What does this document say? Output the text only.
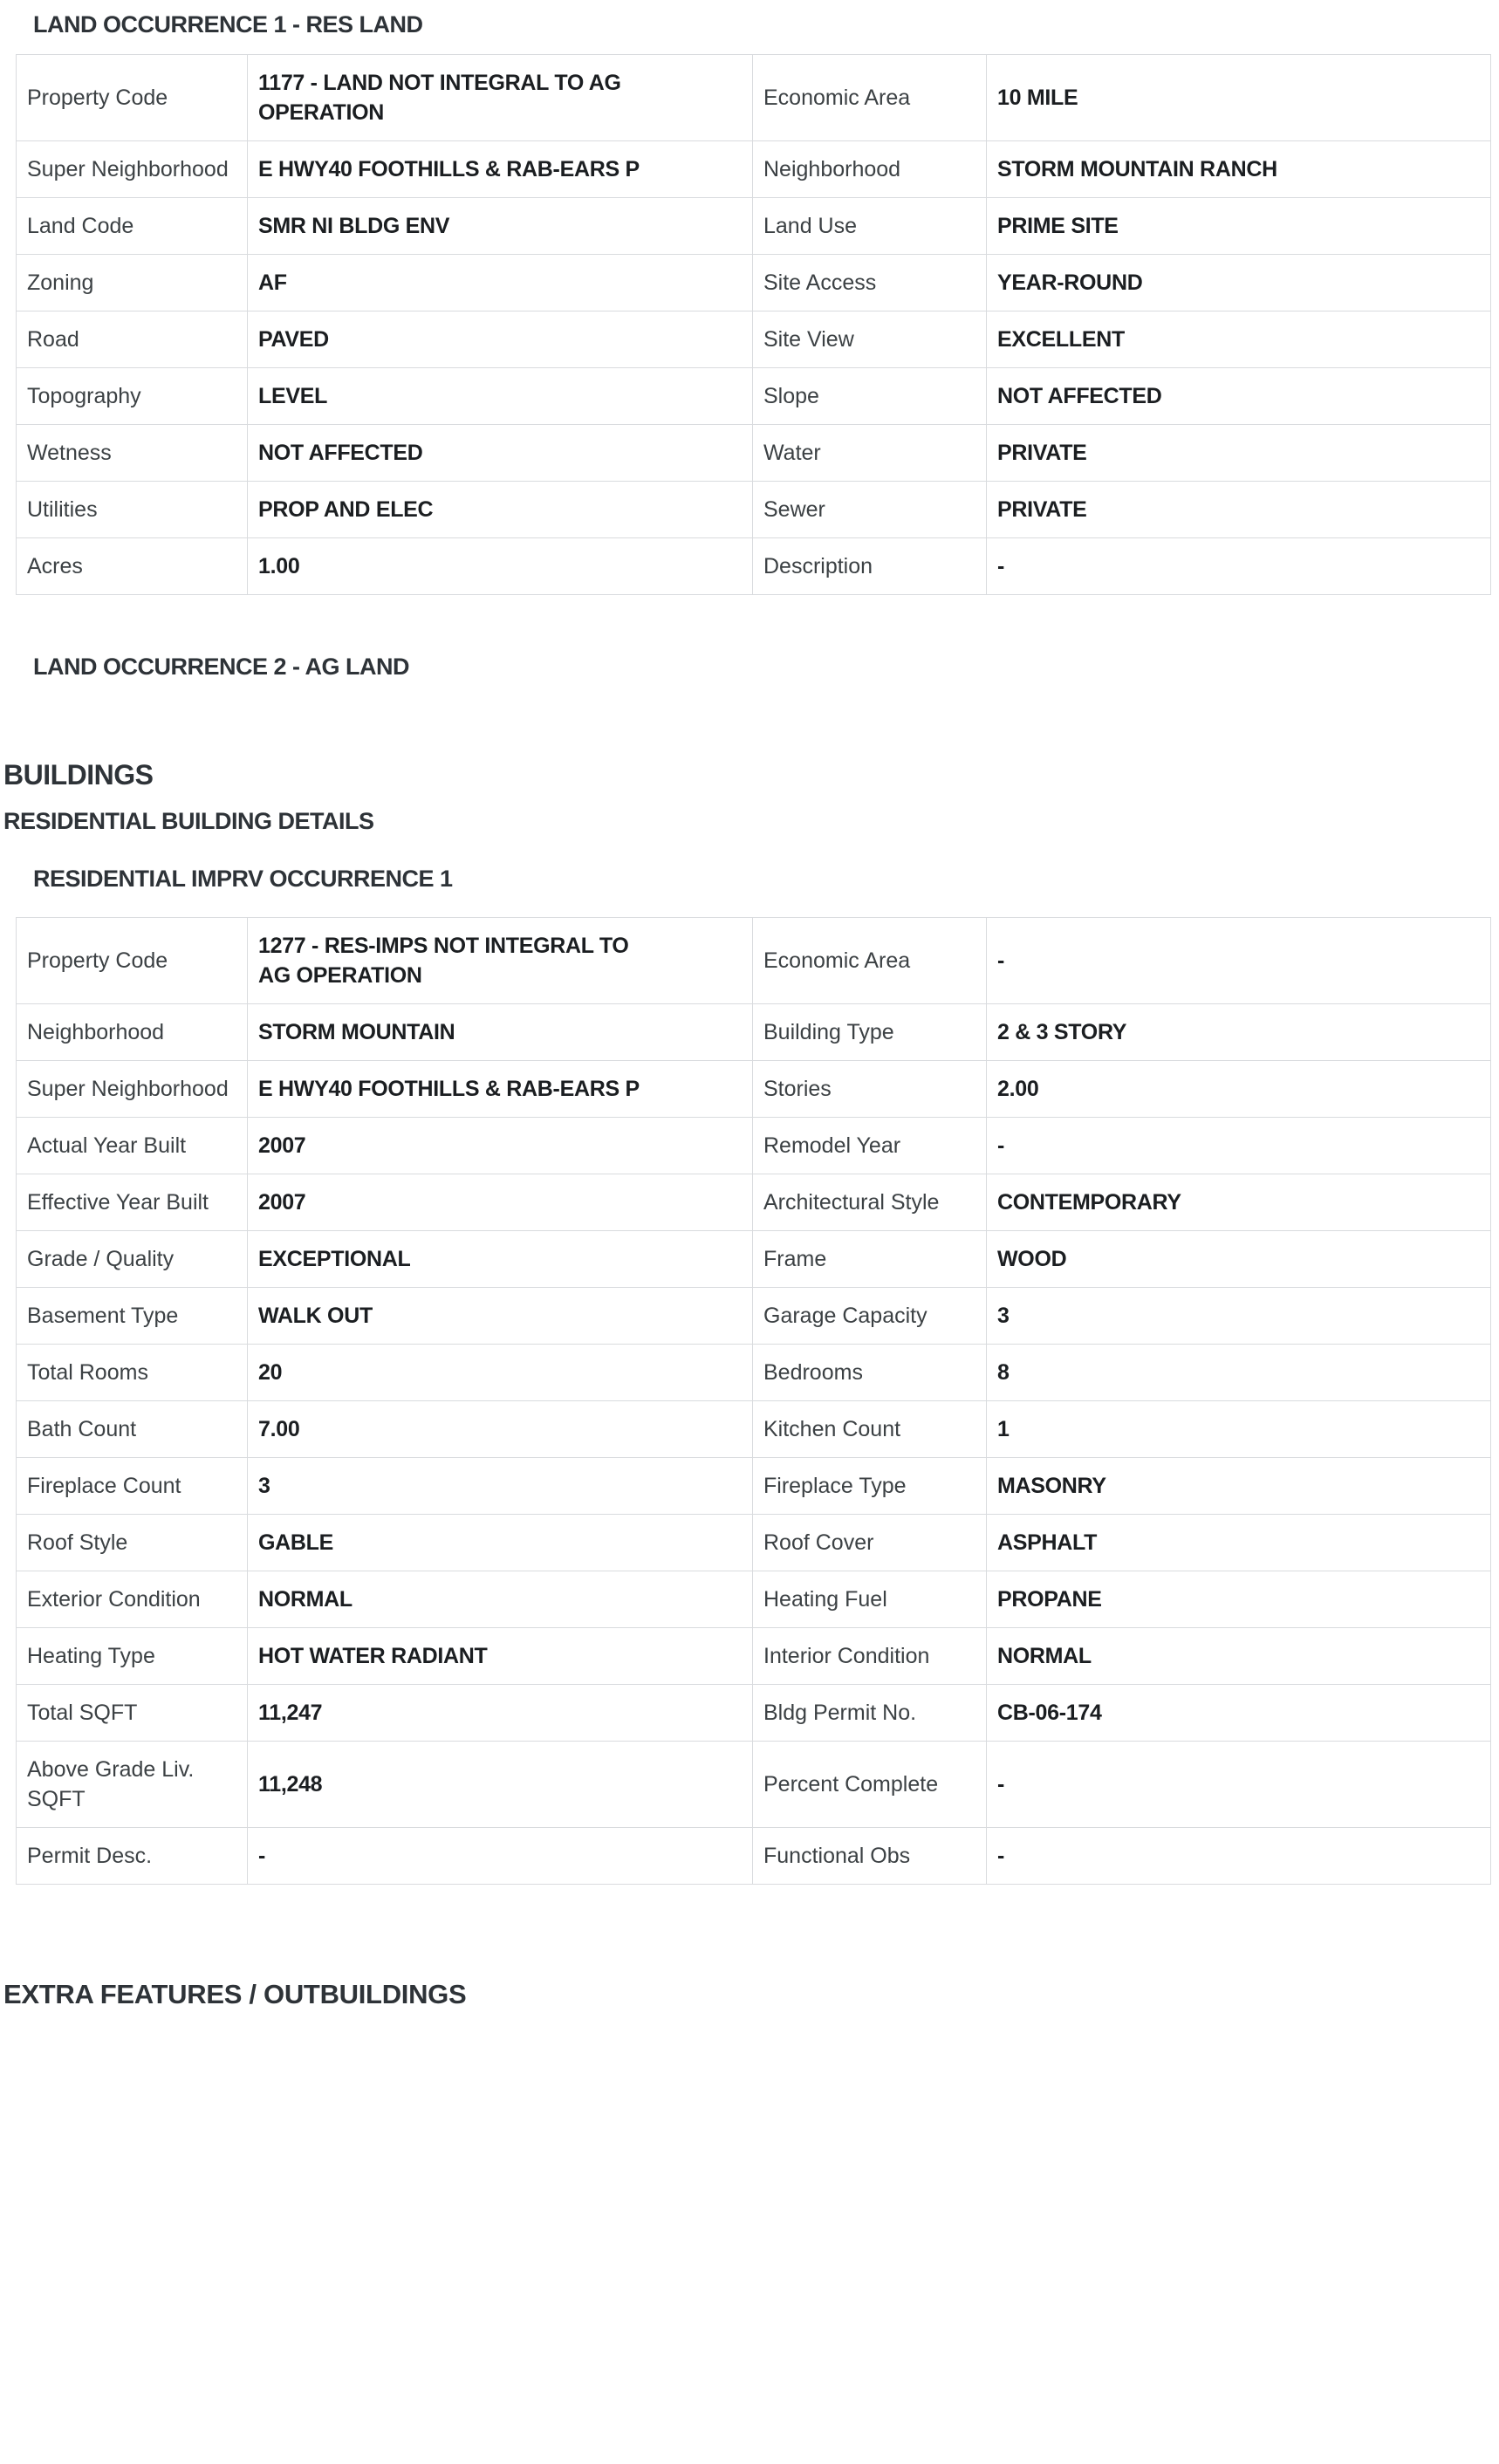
LAND OCCURRENCE 1 - RES LAND
Property Code	1177 - LAND NOT INTEGRAL TO AG OPERATION	Economic Area	10 MILE
Super Neighborhood	E HWY40 FOOTHILLS & RAB-EARS P	Neighborhood	STORM MOUNTAIN RANCH
Land Code	SMR NI BLDG ENV	Land Use	PRIME SITE
Zoning	AF	Site Access	YEAR-ROUND
Road	PAVED	Site View	EXCELLENT
Topography	LEVEL	Slope	NOT AFFECTED
Wetness	NOT AFFECTED	Water	PRIVATE
Utilities	PROP AND ELEC	Sewer	PRIVATE
Acres	1.00	Description	-
LAND OCCURRENCE 2 - AG LAND
BUILDINGS
RESIDENTIAL BUILDING DETAILS
RESIDENTIAL IMPRV OCCURRENCE 1
Property Code	1277 - RES-IMPS NOT INTEGRAL TO AG OPERATION	Economic Area	-
Neighborhood	STORM MOUNTAIN	Building Type	2 & 3 STORY
Super Neighborhood	E HWY40 FOOTHILLS & RAB-EARS P	Stories	2.00
Actual Year Built	2007	Remodel Year	-
Effective Year Built	2007	Architectural Style	CONTEMPORARY
Grade / Quality	EXCEPTIONAL	Frame	WOOD
Basement Type	WALK OUT	Garage Capacity	3
Total Rooms	20	Bedrooms	8
Bath Count	7.00	Kitchen Count	1
Fireplace Count	3	Fireplace Type	MASONRY
Roof Style	GABLE	Roof Cover	ASPHALT
Exterior Condition	NORMAL	Heating Fuel	PROPANE
Heating Type	HOT WATER RADIANT	Interior Condition	NORMAL
Total SQFT	11,247	Bldg Permit No.	CB-06-174
Above Grade Liv. SQFT	11,248	Percent Complete	-
Permit Desc.	-	Functional Obs	-
EXTRA FEATURES / OUTBUILDINGS
